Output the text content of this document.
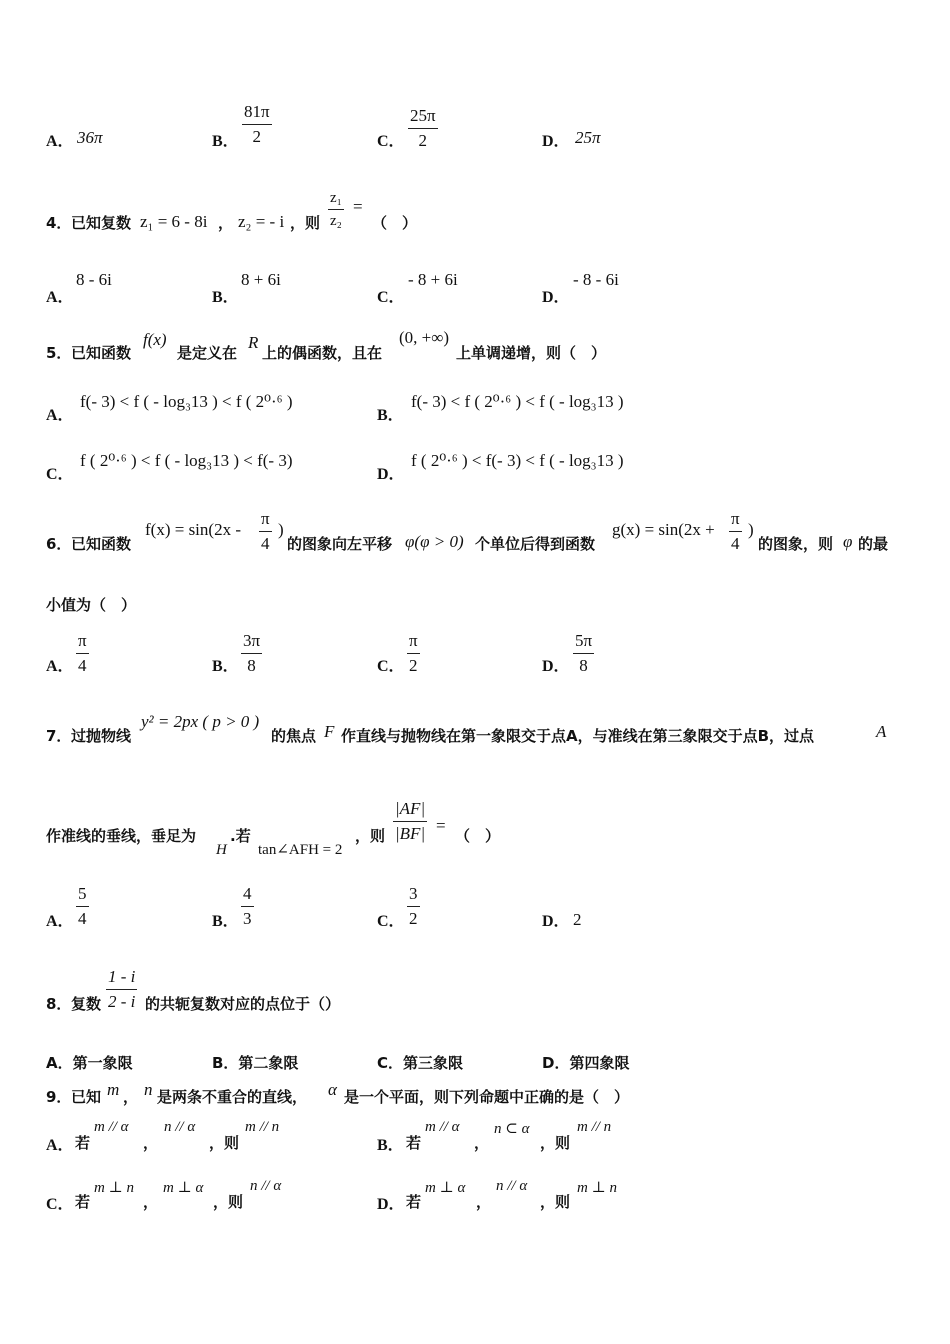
A． 36π	B． $\frac{81\pi}{2}$	C． $\frac{25\pi}{2}$	D． 25π
4． 已知复数 z₁ = 6 - 8i ， z₂ = - i ，则 $\frac{\text{z₁}}{\text{z₂}}$ =
（　）
A．
8 - 6i
B．
8 + 6i
C．
- 8 + 6i
D．
- 8 - 6i
5． 已知函数
f(x)
是定义在
R
上的偶函数，且在
(0, +∞)
上单调递增，则（　）
A．
f(- 3) < f ( - log₃13 ) < f ( 2⁰·⁶ )
B．
f(- 3) < f ( 2⁰·⁶ ) < f ( - log₃13 )
C．
f ( 2⁰·⁶ ) < f ( - log₃13 ) < f(- 3)
D．
f ( 2⁰·⁶ ) < f(- 3) < f ( - log₃13 )
6． 已知函数
$f(x) = \sin(2x - \frac{\pi}{4}$ )
的图象向左平移 φ(φ > 0) 个单位后得到函数
$g(x) = \sin(2x + \frac{\pi}{4}$ )
的图象，则 φ 的最
小值为（　）
A． $\frac{\pi}{4}$	B． $\frac{3\pi}{8}$	C． $\frac{\pi}{2}$	D． $\frac{5\pi}{8}$
7． 过抛物线
y² = 2px ( p > 0 )
的焦点 F 作直线与抛物线在第一象限交于点A，与准线在第三象限交于点B，过点	A
作准线的垂线，垂足为
H
.若
tan∠AFH = 2
，则 $\frac{|AF|}{|BF|}$ =
（　）
A． $\frac{5}{4}$	B． $\frac{4}{3}$	C． $\frac{3}{2}$	D． 2
8． 复数 $\frac{1 - i}{2 - i}$ 的共轭复数对应的点位于（）
A．第一象限	B．第二象限	C．第三象限	D．第四象限
9． 已知 m ， n 是两条不重合的直线， α 是一个平面，则下列命题中正确的是（　）
A． 若
m // α
，
n // α
，则
m // n
B． 若
m // α
，
n ⊂ α
，则
m // n
C． 若
m ⊥ n
，
m ⊥ α
，则
n // α
D． 若
m ⊥ α
，
n // α
，则
m ⊥ n
